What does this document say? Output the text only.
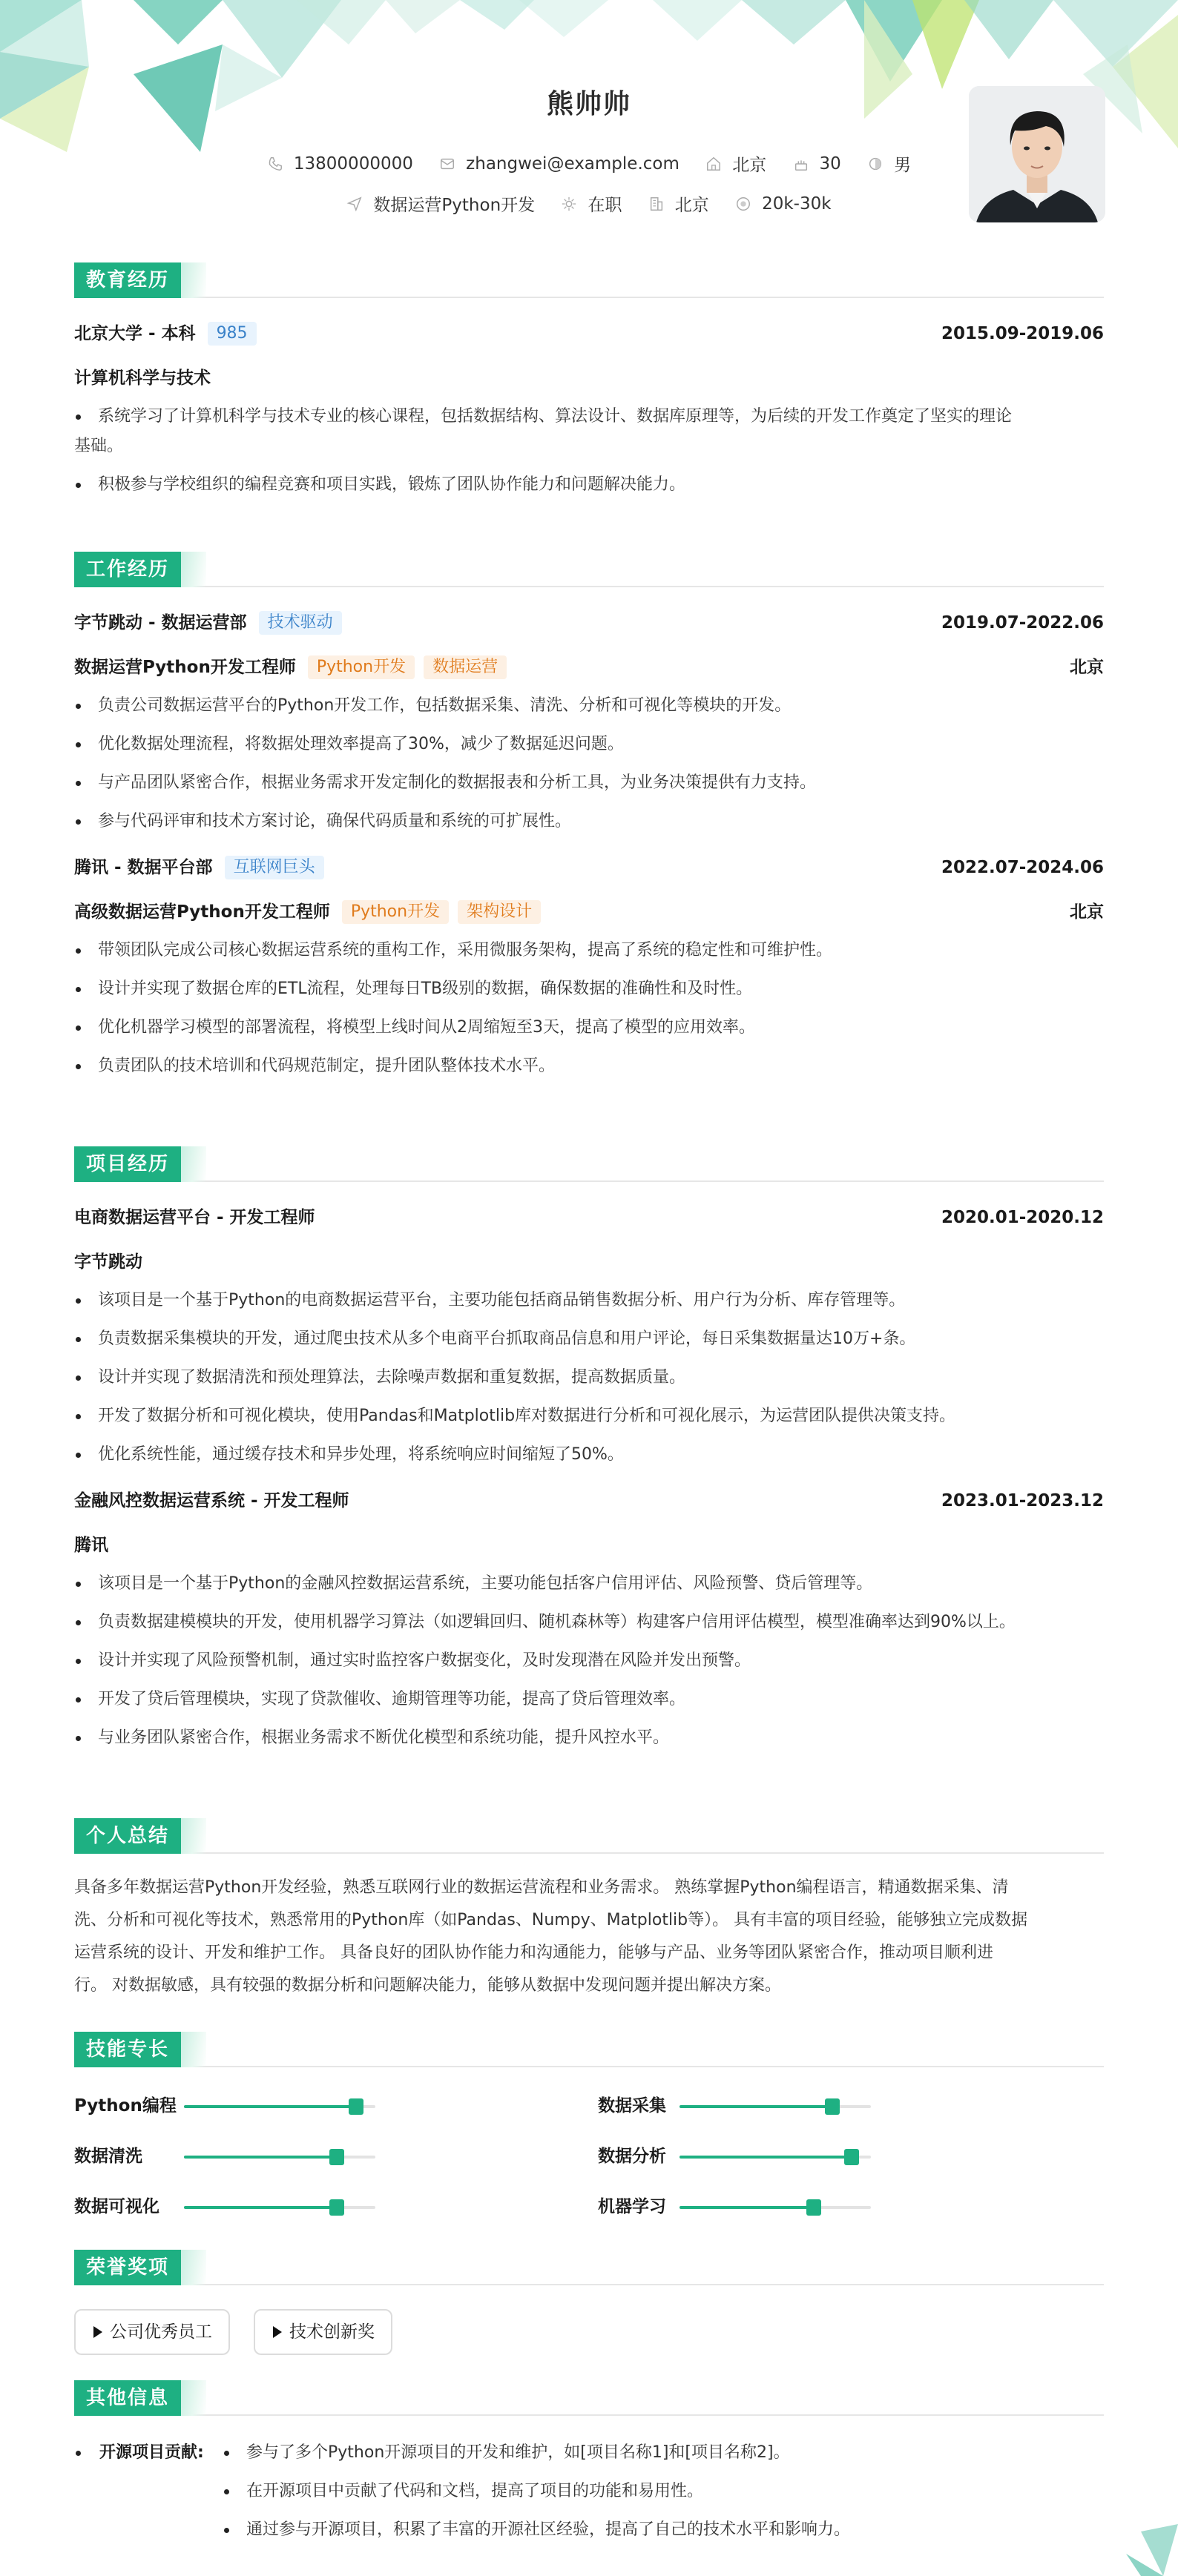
熊帅帅
13800000000
	zhangwei@example.com
	北京
	30
	男
数据运营Python开发
	在职
	北京
	20k-30k
教育经历
北京大学 - 本科	985	2015.09-2019.06
计算机科学与技术
系统学习了计算机科学与技术专业的核心课程，包括数据结构、算法设计、数据库原理等，为后续的开发工作奠定了坚实的理论
基础。
积极参与学校组织的编程竞赛和项目实践，锻炼了团队协作能力和问题解决能力。
工作经历
字节跳动 - 数据运营部	技术驱动	2019.07-2022.06
数据运营Python开发工程师	Python开发	数据运营	北京
负责公司数据运营平台的Python开发工作，包括数据采集、清洗、分析和可视化等模块的开发。
优化数据处理流程，将数据处理效率提高了30%，减少了数据延迟问题。
与产品团队紧密合作，根据业务需求开发定制化的数据报表和分析工具，为业务决策提供有力支持。
参与代码评审和技术方案讨论，确保代码质量和系统的可扩展性。
腾讯 - 数据平台部	互联网巨头	2022.07-2024.06
高级数据运营Python开发工程师	Python开发	架构设计	北京
带领团队完成公司核心数据运营系统的重构工作，采用微服务架构，提高了系统的稳定性和可维护性。
设计并实现了数据仓库的ETL流程，处理每日TB级别的数据，确保数据的准确性和及时性。
优化机器学习模型的部署流程，将模型上线时间从2周缩短至3天，提高了模型的应用效率。
负责团队的技术培训和代码规范制定，提升团队整体技术水平。
项目经历
电商数据运营平台 - 开发工程师	2020.01-2020.12
字节跳动
该项目是一个基于Python的电商数据运营平台，主要功能包括商品销售数据分析、用户行为分析、库存管理等。
负责数据采集模块的开发，通过爬虫技术从多个电商平台抓取商品信息和用户评论，每日采集数据量达10万+条。
设计并实现了数据清洗和预处理算法，去除噪声数据和重复数据，提高数据质量。
开发了数据分析和可视化模块，使用Pandas和Matplotlib库对数据进行分析和可视化展示，为运营团队提供决策支持。
优化系统性能，通过缓存技术和异步处理，将系统响应时间缩短了50%。
金融风控数据运营系统 - 开发工程师	2023.01-2023.12
腾讯
该项目是一个基于Python的金融风控数据运营系统，主要功能包括客户信用评估、风险预警、贷后管理等。
负责数据建模模块的开发，使用机器学习算法（如逻辑回归、随机森林等）构建客户信用评估模型，模型准确率达到90%以上。
设计并实现了风险预警机制，通过实时监控客户数据变化，及时发现潜在风险并发出预警。
开发了贷后管理模块，实现了贷款催收、逾期管理等功能，提高了贷后管理效率。
与业务团队紧密合作，根据业务需求不断优化模型和系统功能，提升风控水平。
个人总结
具备多年数据运营Python开发经验，熟悉互联网行业的数据运营流程和业务需求。 熟练掌握Python编程语言，精通数据采集、清
洗、分析和可视化等技术，熟悉常用的Python库（如Pandas、Numpy、Matplotlib等）。 具有丰富的项目经验，能够独立完成数据
运营系统的设计、开发和维护工作。 具备良好的团队协作能力和沟通能力，能够与产品、业务等团队紧密合作，推动项目顺利进
行。 对数据敏感，具有较强的数据分析和问题解决能力，能够从数据中发现问题并提出解决方案。
技能专长
Python编程	数据采集
数据清洗	数据分析
数据可视化	机器学习
荣誉奖项
公司优秀员工	技术创新奖
其他信息
开源项目贡献:	参与了多个Python开源项目的开发和维护，如[项目名称1]和[项目名称2]。
在开源项目中贡献了代码和文档，提高了项目的功能和易用性。
通过参与开源项目，积累了丰富的开源社区经验，提高了自己的技术水平和影响力。
